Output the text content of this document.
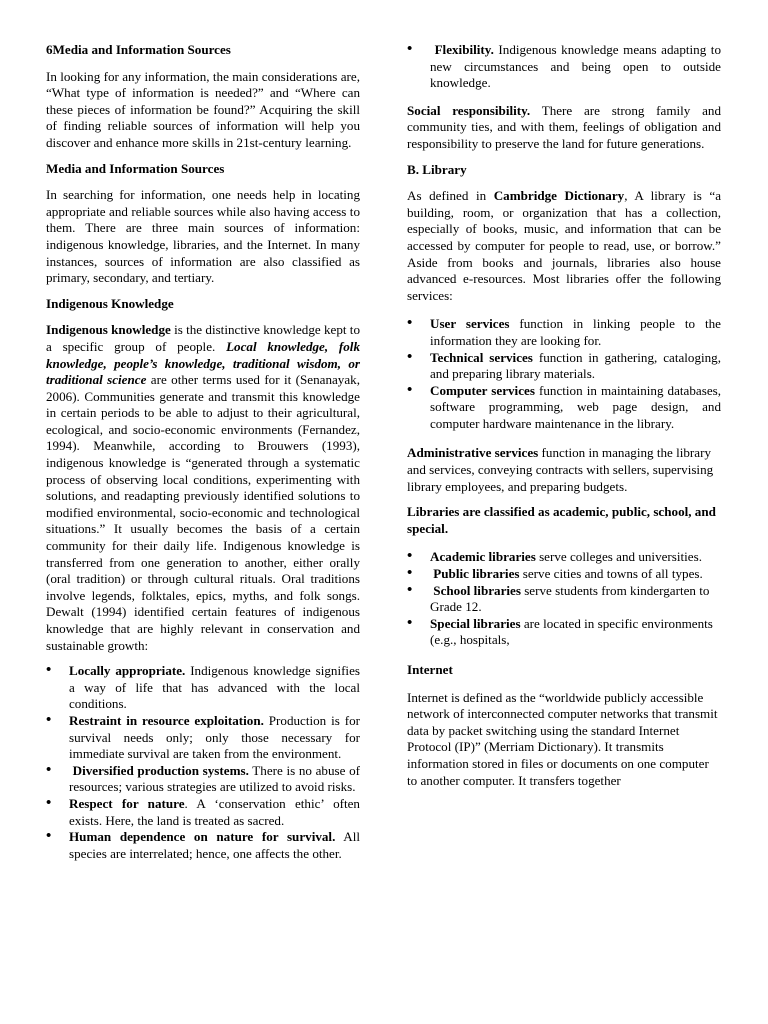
6Media and Information Sources

In looking for any information, the main considerations are, “What type of information is needed?” and “Where can these pieces of information be found?” Acquiring the skill of finding reliable sources of information will help you discover and enhance more skills in 21st-century learning.

Media and Information Sources

In searching for information, one needs help in locating appropriate and reliable sources while also having access to them. There are three main sources of information: indigenous knowledge, libraries, and the Internet. In many instances, sources of information are also classified as primary, secondary, and tertiary.

Indigenous Knowledge

Indigenous knowledge is the distinctive knowledge kept to a specific group of people. Local knowledge, folk knowledge, people’s knowledge, traditional wisdom, or traditional science are other terms used for it (Senanayak, 2006). Communities generate and transmit this knowledge in certain periods to be able to adjust to their agricultural, ecological, and socio-economic environments (Fernandez, 1994). Meanwhile, according to Brouwers (1993), indigenous knowledge is “generated through a systematic process of observing local conditions, experimenting with solutions, and readapting previously identified solutions to modified environmental, socio-economic and technological situations.” It usually becomes the basis of a certain community for their daily life. Indigenous knowledge is transferred from one generation to another, either orally (oral tradition) or through cultural rituals. Oral traditions involve legends, folktales, epics, myths, and folk songs. Dewalt (1994) identified certain features of indigenous knowledge that are highly relevant in conservation and sustainable growth:

• Locally appropriate. Indigenous knowledge signifies a way of life that has advanced with the local conditions.
• Restraint in resource exploitation. Production is for survival needs only; only those necessary for immediate survival are taken from the environment.
•  Diversified production systems. There is no abuse of resources; various strategies are utilized to avoid risks.
• Respect for nature. A ‘conservation ethic’ often exists. Here, the land is treated as sacred.
• Human dependence on nature for survival. All species are interrelated; hence, one affects the other.
•  Flexibility. Indigenous knowledge means adapting to new circumstances and being open to outside knowledge.

Social responsibility. There are strong family and community ties, and with them, feelings of obligation and responsibility to preserve the land for future generations.

B. Library

As defined in Cambridge Dictionary, A library is “a building, room, or organization that has a collection, especially of books, music, and information that can be accessed by computer for people to read, use, or borrow.” Aside from books and journals, libraries also house advanced e-resources. Most libraries offer the following services:

• User services function in linking people to the information they are looking for.
• Technical services function in gathering, cataloging, and preparing library materials.
• Computer services function in maintaining databases, software programming, web page design, and computer hardware maintenance in the library.

Administrative services function in managing the library and services, conveying contracts with sellers, supervising library employees, and preparing budgets.

Libraries are classified as academic, public, school, and special.
• Academic libraries serve colleges and universities.
•  Public libraries serve cities and towns of all types.
•  School libraries serve students from kindergarten to Grade 12.
• Special libraries are located in specific environments (e.g., hospitals,
Internet

Internet is defined as the “worldwide publicly accessible network of interconnected computer networks that transmit data by packet switching using the standard Internet Protocol (IP)” (Merriam Dictionary). It transmits information stored in files or documents on one computer to another computer. It transfers together
